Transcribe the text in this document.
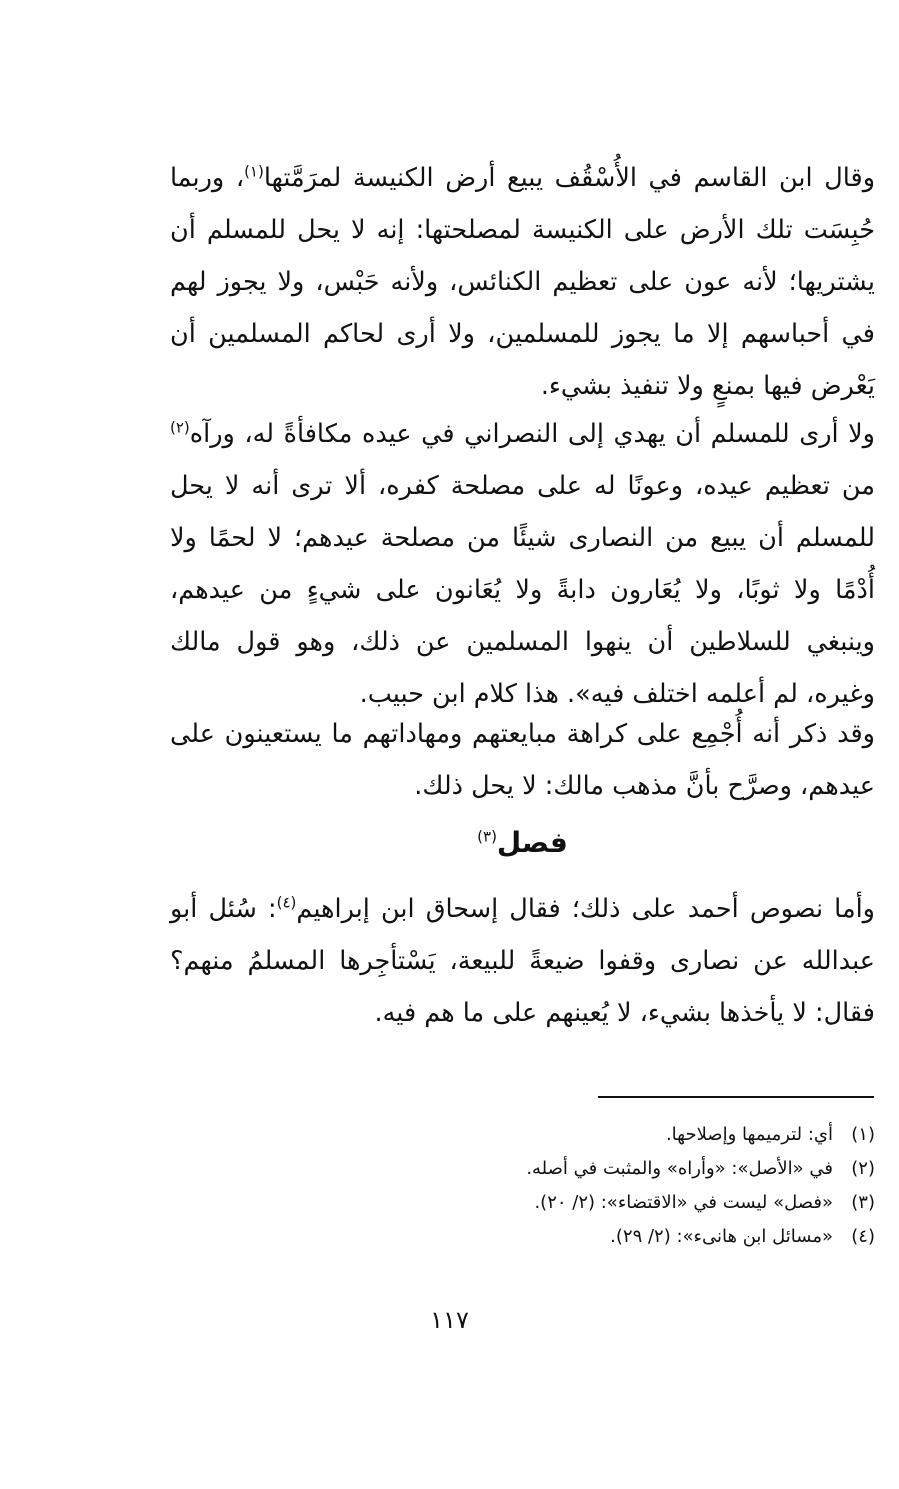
وقال ابن القاسم في الأُسْقُف يبيع أرض الكنيسة لمرَمَّتها$^{(١)}$، وربما حُبِسَت تلك الأرض على الكنيسة لمصلحتها: إنه لا يحل للمسلم أن يشتريها؛ لأنه عون على تعظيم الكنائس، ولأنه حَبْس، ولا يجوز لهم في أحباسهم إلا ما يجوز للمسلمين، ولا أرى لحاكم المسلمين أن يَعْرض فيها بمنعٍ ولا تنفيذ بشيء.

ولا أرى للمسلم أن يهدي إلى النصراني في عيده مكافأةً له، ورآه$^{(٢)}$ من تعظيم عيده، وعونًا له على مصلحة كفره، ألا ترى أنه لا يحل للمسلم أن يبيع من النصارى شيئًا من مصلحة عيدهم؛ لا لحمًا ولا أُدْمًا ولا ثوبًا، ولا يُعَارون دابةً ولا يُعَانون على شيءٍ من عيدهم، وينبغي للسلاطين أن ينهوا المسلمين عن ذلك، وهو قول مالك وغيره، لم أعلمه اختلف فيه». هذا كلام ابن حبيب.

وقد ذكر أنه أُجْمِع على كراهة مبايعتهم ومهاداتهم ما يستعينون على عيدهم، وصرَّح بأنَّ مذهب مالك: لا يحل ذلك.

فصل$^{(٣)}$

وأما نصوص أحمد على ذلك؛ فقال إسحاق ابن إبراهيم$^{(٤)}$: سُئل أبو عبدالله عن نصارى وقفوا ضيعةً للبيعة، يَسْتأجِرها المسلمُ منهم؟ فقال: لا يأخذها بشيء، لا يُعينهم على ما هم فيه.

(١)
أي: لترميمها وإصلاحها.
(٢)
في «الأصل»: «وأراه» والمثبت في أصله.
(٣)
«فصل» ليست في «الاقتضاء»: (٢/ ٢٠).
(٤)
«مسائل ابن هانىء»: (٢/ ٢٩).
١١٧
